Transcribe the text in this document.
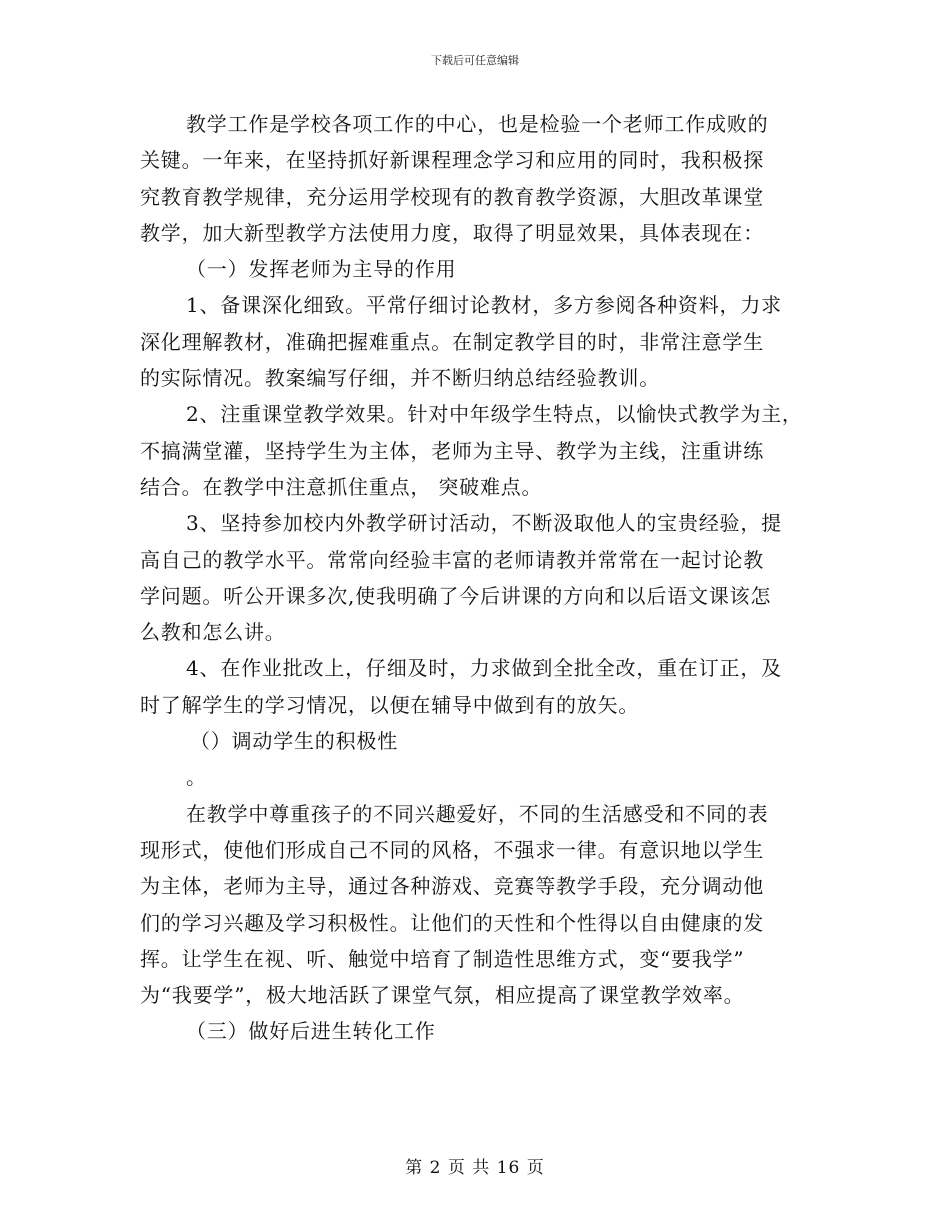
下载后可任意编辑
教学工作是学校各项工作的中心，也是检验一个老师工作成败的
关键。一年来，在坚持抓好新课程理念学习和应用的同时，我积极探
究教育教学规律，充分运用学校现有的教育教学资源，大胆改革课堂
教学，加大新型教学方法使用力度，取得了明显效果，具体表现在：
（一）发挥老师为主导的作用
1、备课深化细致。平常仔细讨论教材，多方参阅各种资料，力求
深化理解教材，准确把握难重点。在制定教学目的时，非常注意学生
的实际情况。教案编写仔细，并不断归纳总结经验教训。
2、注重课堂教学效果。针对中年级学生特点，以愉快式教学为主，
不搞满堂灌，坚持学生为主体，老师为主导、教学为主线，注重讲练
结合。在教学中注意抓住重点， 突破难点。
3、坚持参加校内外教学研讨活动，不断汲取他人的宝贵经验，提
高自己的教学水平。常常向经验丰富的老师请教并常常在一起讨论教
学问题。听公开课多次,使我明确了今后讲课的方向和以后语文课该怎
么教和怎么讲。
4、在作业批改上，仔细及时，力求做到全批全改，重在订正，及
时了解学生的学习情况，以便在辅导中做到有的放矢。
（）调动学生的积极性
。
在教学中尊重孩子的不同兴趣爱好，不同的生活感受和不同的表
现形式，使他们形成自己不同的风格，不强求一律。有意识地以学生
为主体，老师为主导，通过各种游戏、竞赛等教学手段，充分调动他
们的学习兴趣及学习积极性。让他们的天性和个性得以自由健康的发
挥。让学生在视、听、触觉中培育了制造性思维方式，变“要我学”
为“我要学”，极大地活跃了课堂气氛，相应提高了课堂教学效率。
（三）做好后进生转化工作
第 2 页 共 16 页
